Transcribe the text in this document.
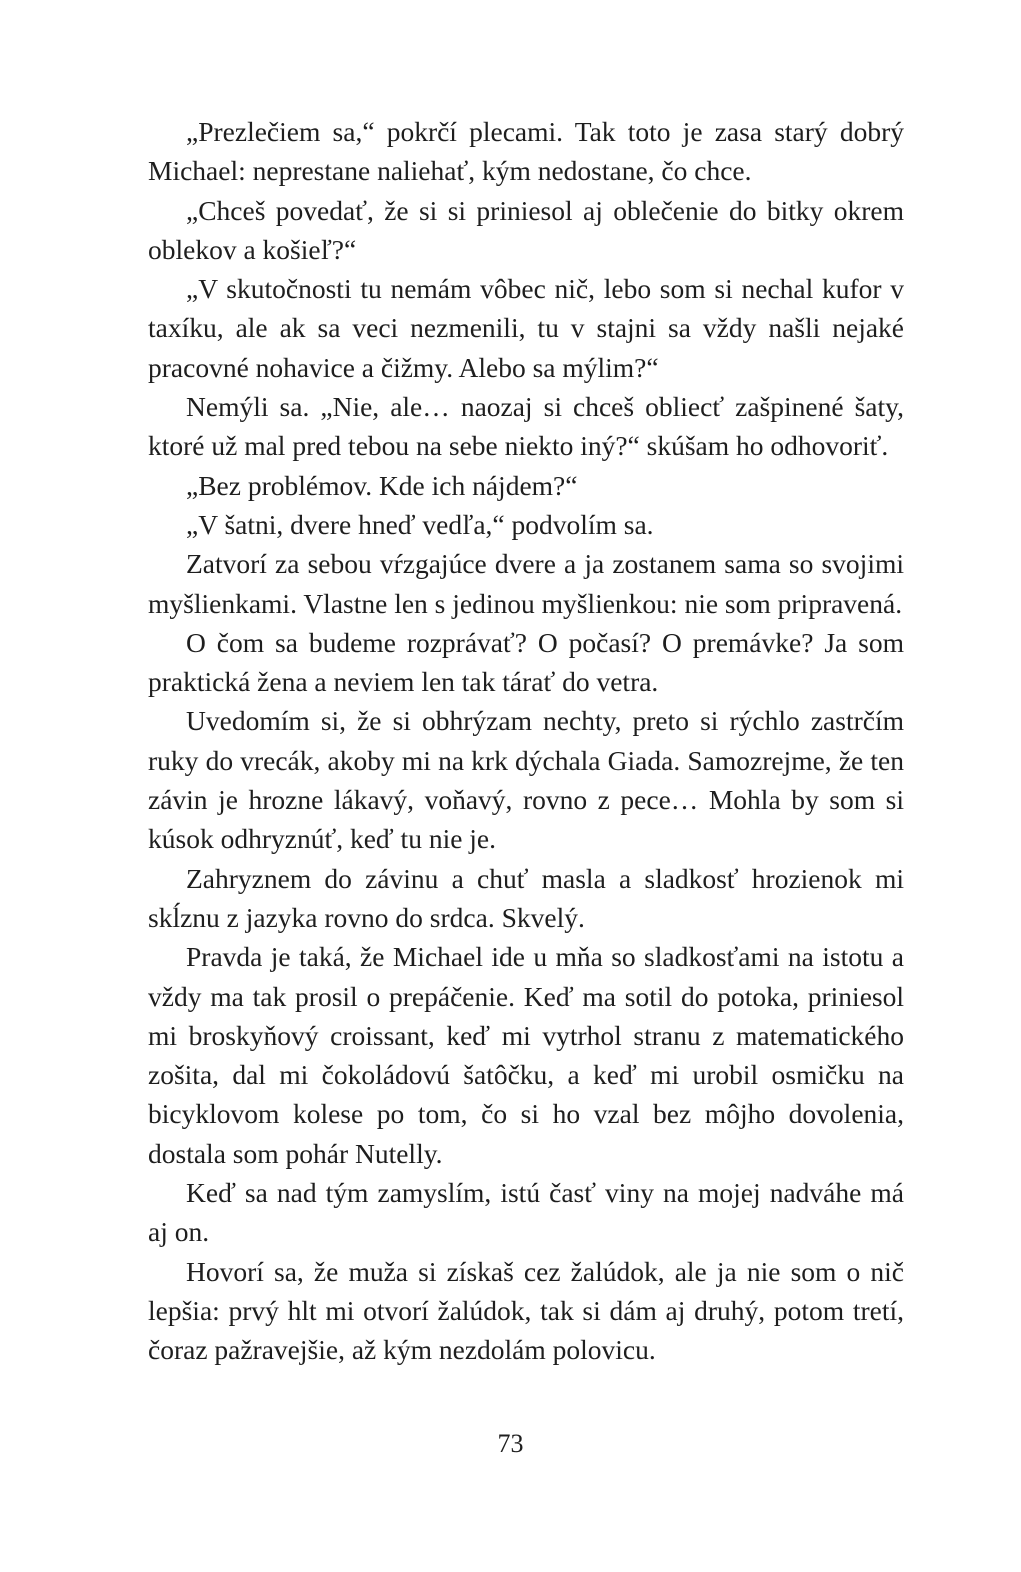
„Prezlečiem sa,“ pokrčí plecami. Tak toto je zasa starý dobrý Michael: neprestane naliehať, kým nedostane, čo chce.

„Chceš povedať, že si si priniesol aj oblečenie do bitky okrem oblekov a košieľ?“

„V skutočnosti tu nemám vôbec nič, lebo som si nechal kufor v taxíku, ale ak sa veci nezmenili, tu v stajni sa vždy našli nejaké pracovné nohavice a čižmy. Alebo sa mýlim?“

Nemýli sa. „Nie, ale… naozaj si chceš obliecť zašpinené šaty, ktoré už mal pred tebou na sebe niekto iný?“ skúšam ho odhovoriť.

„Bez problémov. Kde ich nájdem?“

„V šatni, dvere hneď vedľa,“ podvolím sa.

Zatvorí za sebou vŕzgajúce dvere a ja zostanem sama so svojimi myšlienkami. Vlastne len s jedinou myšlienkou: nie som pripravená.

O čom sa budeme rozprávať? O počasí? O premávke? Ja som praktická žena a neviem len tak tárať do vetra.

Uvedomím si, že si obhrýzam nechty, preto si rýchlo zastrčím ruky do vrecák, akoby mi na krk dýchala Giada. Samozrejme, že ten závin je hrozne lákavý, voňavý, rovno z pece… Mohla by som si kúsok odhryznúť, keď tu nie je.

Zahryznem do závinu a chuť masla a sladkosť hrozienok mi skĺznu z jazyka rovno do srdca. Skvelý.

Pravda je taká, že Michael ide u mňa so sladkosťami na istotu a vždy ma tak prosil o prepáčenie. Keď ma sotil do potoka, priniesol mi broskyňový croissant, keď mi vytrhol stranu z matematického zošita, dal mi čokoládovú šatôčku, a keď mi urobil osmičku na bicyklovom kolese po tom, čo si ho vzal bez môjho dovolenia, dostala som pohár Nutelly.

Keď sa nad tým zamyslím, istú časť viny na mojej nadváhe má aj on.

Hovorí sa, že muža si získaš cez žalúdok, ale ja nie som o nič lepšia: prvý hlt mi otvorí žalúdok, tak si dám aj druhý, potom tretí, čoraz pažravejšie, až kým nezdolám polovicu.

73
